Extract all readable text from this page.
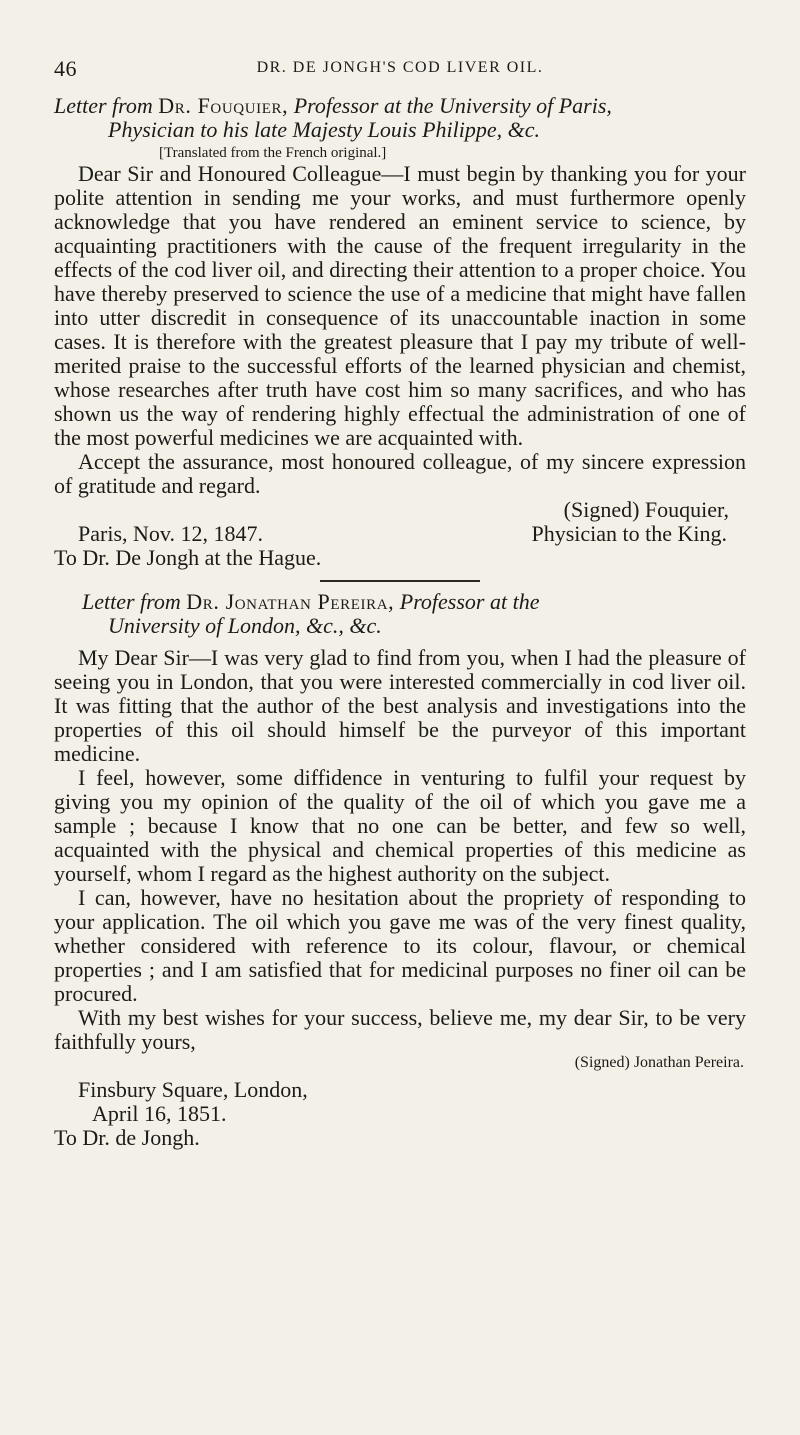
46	DR. DE JONGH'S COD LIVER OIL.
Letter from Dr. Fouquier, Professor at the University of Paris,
Physician to his late Majesty Louis Philippe, &c.
[Translated from the French original.]

Dear Sir and Honoured Colleague—I must begin by thanking you for your polite attention in sending me your works, and must furthermore openly acknowledge that you have rendered an eminent service to science, by acquainting practitioners with the cause of the frequent irregularity in the effects of the cod liver oil, and directing their attention to a proper choice. You have thereby preserved to science the use of a medicine that might have fallen into utter discredit in consequence of its unaccountable inaction in some cases. It is therefore with the greatest pleasure that I pay my tribute of well-merited praise to the successful efforts of the learned physician and chemist, whose researches after truth have cost him so many sacrifices, and who has shown us the way of rendering highly effectual the administration of one of the most powerful medicines we are acquainted with.

Accept the assurance, most honoured colleague, of my sincere expression of gratitude and regard.

(Signed) Fouquier,
Paris, Nov. 12, 1847.	Physician to the King.
To Dr. De Jongh at the Hague.
Letter from Dr. Jonathan Pereira, Professor at the
University of London, &c., &c.

My Dear Sir—I was very glad to find from you, when I had the pleasure of seeing you in London, that you were interested commercially in cod liver oil. It was fitting that the author of the best analysis and investigations into the properties of this oil should himself be the purveyor of this important medicine.

I feel, however, some diffidence in venturing to fulfil your request by giving you my opinion of the quality of the oil of which you gave me a sample ; because I know that no one can be better, and few so well, acquainted with the physical and chemical properties of this medicine as yourself, whom I regard as the highest authority on the subject.

I can, however, have no hesitation about the propriety of responding to your application. The oil which you gave me was of the very finest quality, whether considered with reference to its colour, flavour, or chemical properties ; and I am satisfied that for medicinal purposes no finer oil can be procured.

With my best wishes for your success, believe me, my dear Sir, to be very faithfully yours,

(Signed) Jonathan Pereira.
Finsbury Square, London,
April 16, 1851.
To Dr. de Jongh.
